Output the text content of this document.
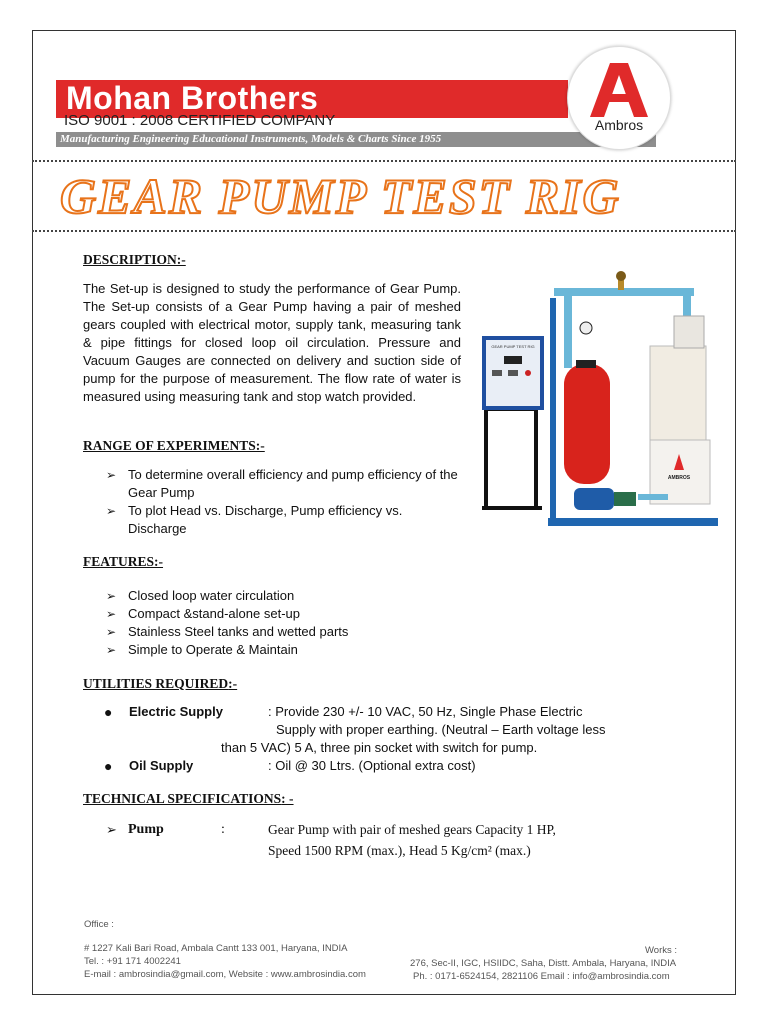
Mohan Brothers
ISO 9001 : 2008 CERTIFIED COMPANY
Manufacturing Engineering Educational Instruments, Models & Charts Since 1955
Ambros
GEAR PUMP TEST RIG
DESCRIPTION:-
The Set-up is designed to study the performance of Gear Pump. The Set-up consists of a Gear Pump having a pair of meshed gears coupled with electrical motor, supply tank, measuring tank & pipe fittings for closed loop oil circulation. Pressure and Vacuum Gauges are connected on delivery and suction side of pump for the purpose of measurement. The flow rate of water is measured using measuring tank and stop watch provided.
GEAR PUMP TEST RIG
AMBROS
RANGE OF EXPERIMENTS:-
➢ To determine overall efficiency and pump efficiency of the Gear Pump
➢ To plot Head vs. Discharge, Pump efficiency vs. Discharge
FEATURES:-
➢ Closed loop water circulation
➢ Compact &stand-alone set-up
➢ Stainless Steel tanks and wetted parts
➢ Simple to Operate & Maintain
UTILITIES REQUIRED:-
● Electric Supply	: Provide 230 +/- 10 VAC, 50 Hz, Single Phase Electric
Supply with proper earthing. (Neutral – Earth voltage less
than 5 VAC) 5 A, three pin socket with switch for pump.
● Oil Supply	: Oil @ 30 Ltrs. (Optional extra cost)
TECHNICAL SPECIFICATIONS: -
➢ Pump	:	Gear Pump with pair of meshed gears Capacity 1 HP,
Speed 1500 RPM (max.), Head 5 Kg/cm² (max.)
Office :
# 1227 Kali Bari Road, Ambala Cantt 133 001, Haryana, INDIA
Tel. : +91 171 4002241
E-mail : ambrosindia@gmail.com, Website : www.ambrosindia.com
Works :
276, Sec-II, IGC, HSIIDC, Saha, Distt. Ambala, Haryana, INDIA
Ph. : 0171-6524154, 2821106 Email : info@ambrosindia.com
